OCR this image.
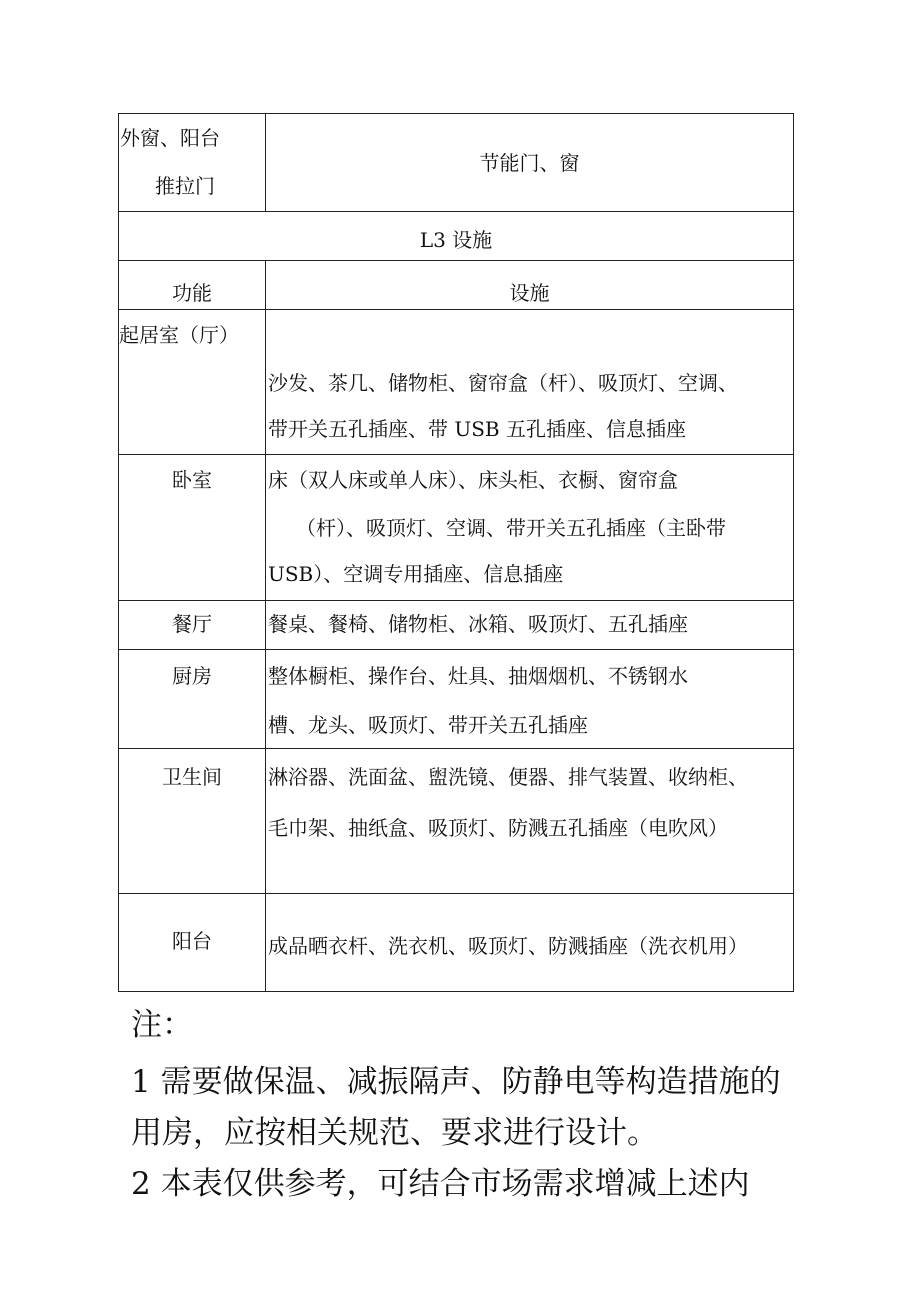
外窗、阳台
推拉门	节能门、窗

L3 设施	
功能	设施
起居室（厅）	沙发、茶几、储物柜、窗帘盒（杆）、吸顶灯、空调、
带开关五孔插座、带 USB 五孔插座、信息插座

卧室	床（双人床或单人床）、床头柜、衣橱、窗帘盒
（杆）、吸顶灯、空调、带开关五孔插座（主卧带
USB）、空调专用插座、信息插座

餐厅	餐桌、餐椅、储物柜、冰箱、吸顶灯、五孔插座

厨房	整体橱柜、操作台、灶具、抽烟烟机、不锈钢水
槽、龙头、吸顶灯、带开关五孔插座

卫生间	淋浴器、洗面盆、盥洗镜、便器、排气装置、收纳柜、
毛巾架、抽纸盒、吸顶灯、防溅五孔插座（电吹风）

阳台	成品晒衣杆、洗衣机、吸顶灯、防溅插座（洗衣机用）

注：

1 需要做保温、减振隔声、防静电等构造措施的

用房，应按相关规范、要求进行设计。

2 本表仅供参考，可结合市场需求增减上述内
